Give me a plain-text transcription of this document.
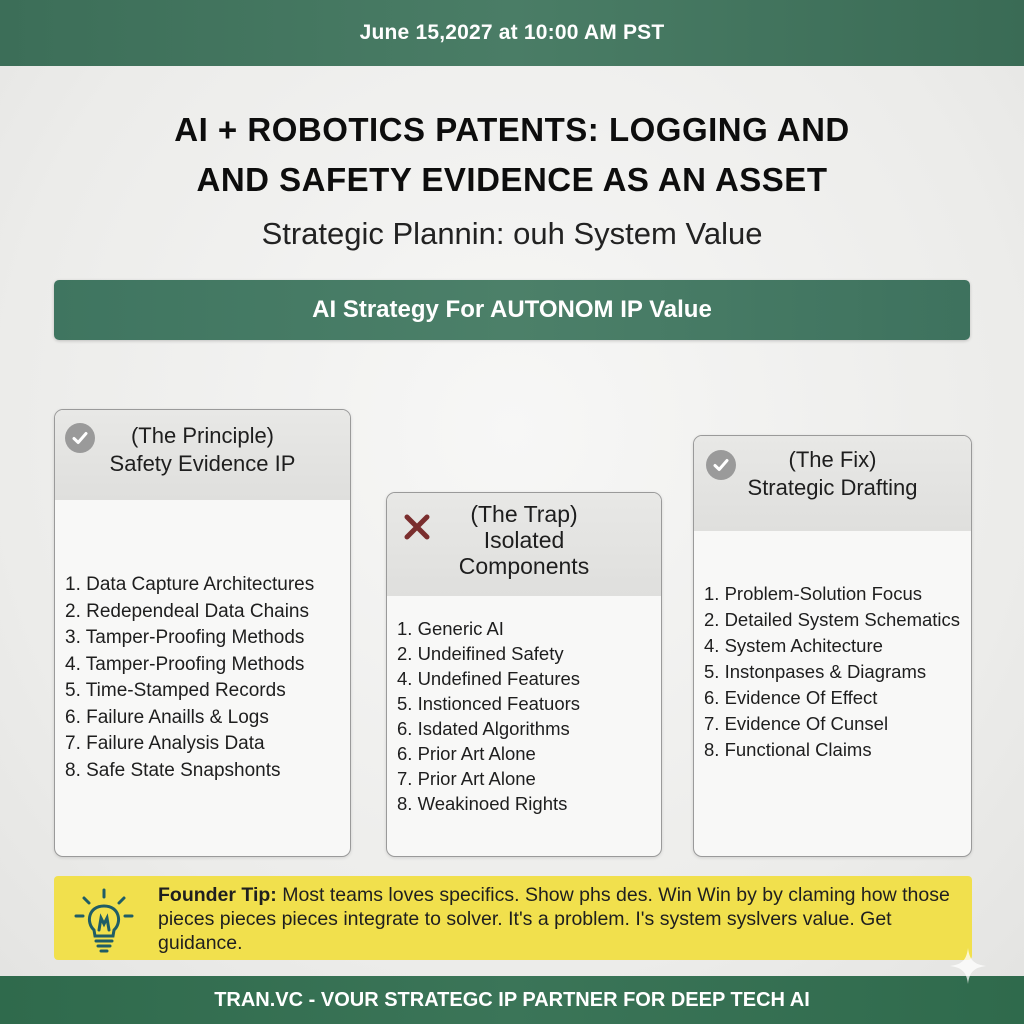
June 15,2027 at 10:00 AM PST
AI + ROBOTICS PATENTS: LOGGING AND
AND SAFETY EVIDENCE AS AN ASSET

Strategic Plannin: ouh System Value

AI Strategy For AUTONOM IP Value
(The Principle)
Safety Evidence IP
1. Data Capture Architectures
2. Redependeal Data Chains
3. Tamper-Proofing Methods
4. Tamper-Proofing Methods
5. Time-Stamped Records
6. Failure Anaills & Logs
7. Failure Analysis Data
8. Safe State Snapshonts
(The Trap)
Isolated
Components
1. Generic AI
2. Undeifined Safety
4. Undefined Features
5. Instionced Featuors
6. Isdated Algorithms
6. Prior Art Alone
7. Prior Art Alone
8. Weakinoed Rights
(The Fix)
Strategic Drafting
1. Problem-Solution Focus
2. Detailed System Schematics
4. System Achitecture
5. Instonpases & Diagrams
6. Evidence Of Effect
7. Evidence Of Cunsel
8. Functional Claims
Founder Tip: Most teams loves specifics. Show phs des. Win Win by by claming how those pieces pieces pieces integrate to solver. It's a problem. I's system syslvers value. Get guidance.
TRAN.VC - VOUR STRATEGC IP PARTNER FOR DEEP TECH AI
